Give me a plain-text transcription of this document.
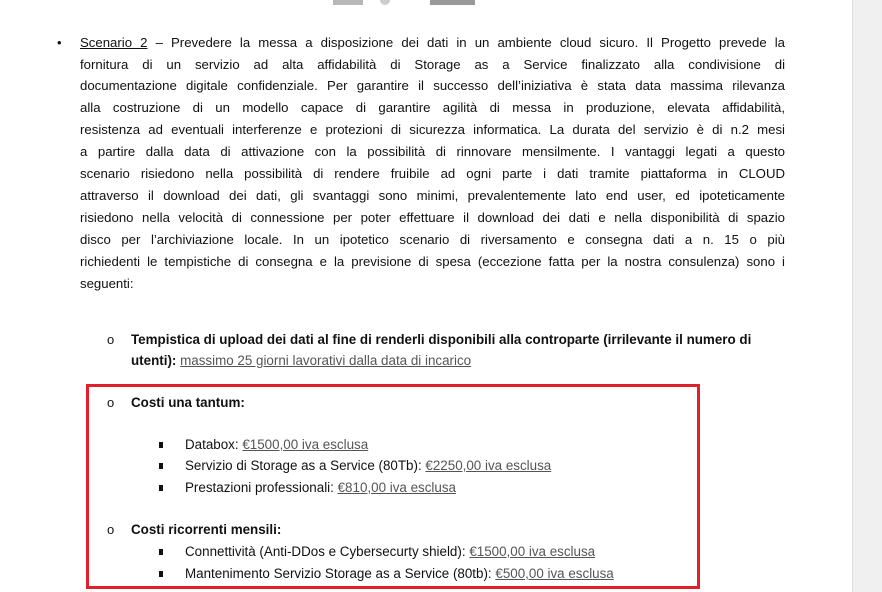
• Scenario 2 – Prevedere la messa a disposizione dei dati in un ambiente cloud sicuro. Il Progetto prevede la
fornitura di un servizio ad alta affidabilità di Storage as a Service finalizzato alla condivisione di
documentazione digitale confidenziale. Per garantire il successo dell’iniziativa è stata data massima rilevanza
alla costruzione di un modello capace di garantire agilità di messa in produzione, elevata affidabilità,
resistenza ad eventuali interferenze e protezioni di sicurezza informatica. La durata del servizio è di n.2 mesi
a partire dalla data di attivazione con la possibilità di rinnovare mensilmente. I vantaggi legati a questo
scenario risiedono nella possibilità di rendere fruibile ad ogni parte i dati tramite piattaforma in CLOUD
attraverso il download dei dati, gli svantaggi sono minimi, prevalentemente lato end user, ed ipoteticamente
risiedono nella velocità di connessione per poter effettuare il download dei dati e nella disponibilità di spazio
disco per l’archiviazione locale. In un ipotetico scenario di riversamento e consegna dati a n. 15 o più
richiedenti le tempistiche di consegna e la previsione di spesa (eccezione fatta per la nostra consulenza) sono i
seguenti:
o Tempistica di upload dei dati al fine di renderli disponibili alla controparte (irrilevante il numero di
utenti): massimo 25 giorni lavorativi dalla data di incarico
o Costi una tantum:
Databox: €1500,00 iva esclusa
Servizio di Storage as a Service (80Tb): €2250,00 iva esclusa
Prestazioni professionali: €810,00 iva esclusa
o Costi ricorrenti mensili:
Connettività (Anti-DDos e Cybersecurty shield): €1500,00 iva esclusa
Mantenimento Servizio Storage as a Service (80tb): €500,00 iva esclusa
